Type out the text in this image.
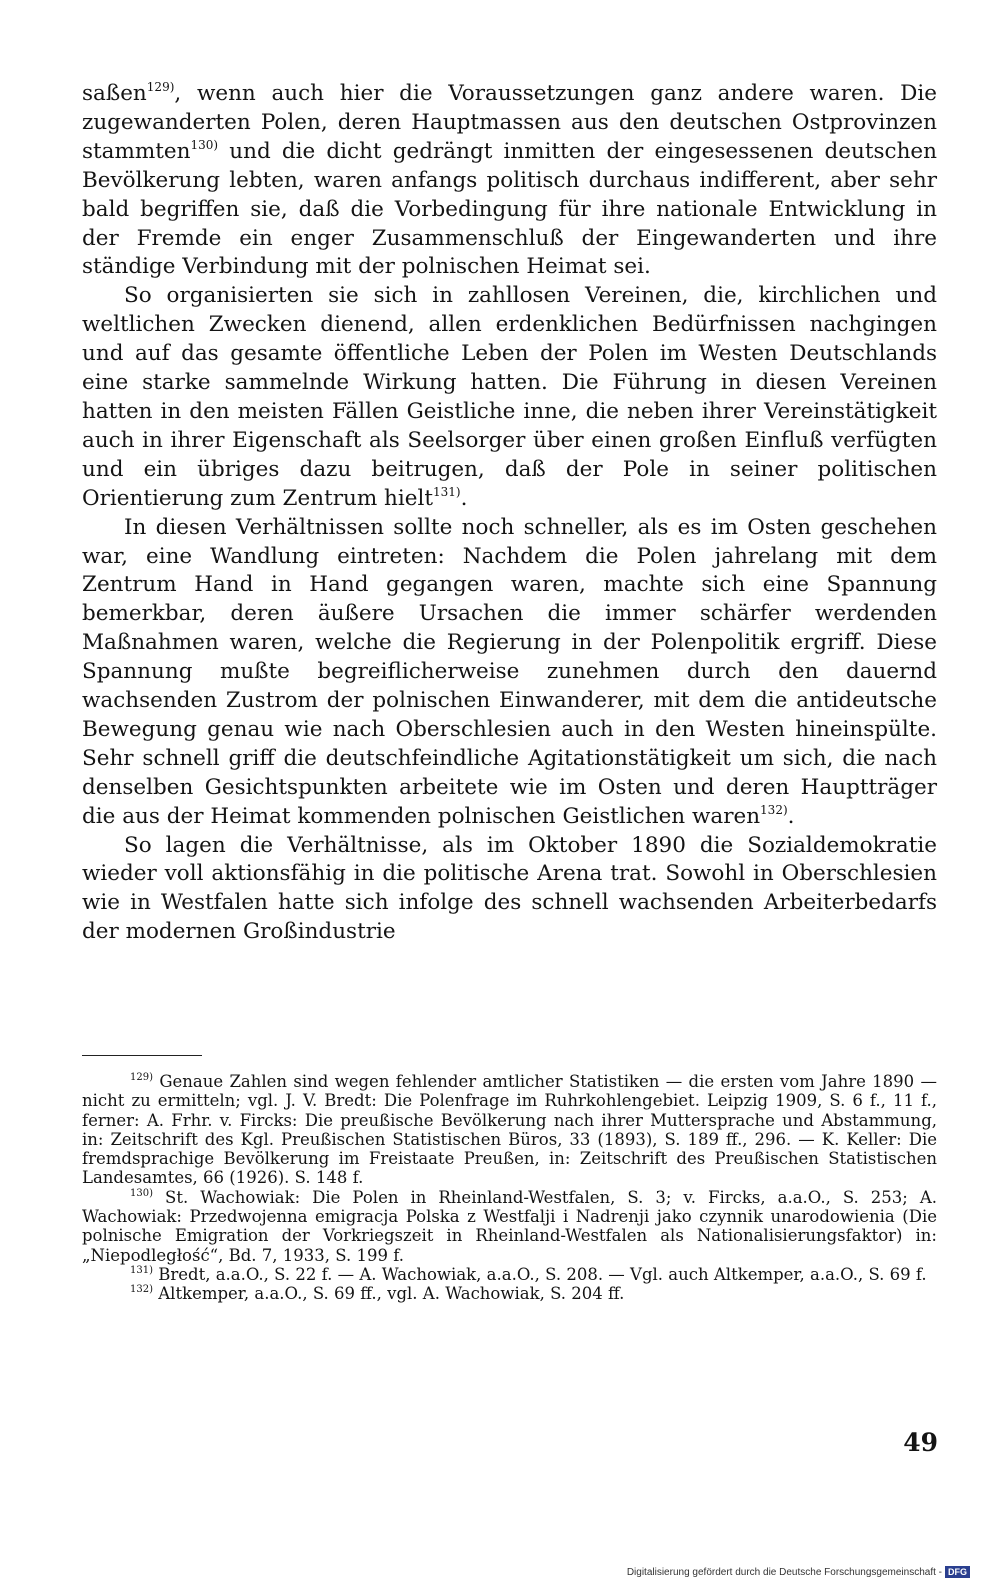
saßen$^{129)}$, wenn auch hier die Voraussetzungen ganz andere waren. Die zugewanderten Polen, deren Hauptmassen aus den deutschen Ostprovinzen stammten$^{130)}$ und die dicht gedrängt inmitten der eingesessenen deutschen Bevölkerung lebten, waren anfangs politisch durchaus indifferent, aber sehr bald begriffen sie, daß die Vorbedingung für ihre nationale Entwicklung in der Fremde ein enger Zusammenschluß der Eingewanderten und ihre ständige Verbindung mit der polnischen Heimat sei.

So organisierten sie sich in zahllosen Vereinen, die, kirchlichen und weltlichen Zwecken dienend, allen erdenklichen Bedürfnissen nachgingen und auf das gesamte öffentliche Leben der Polen im Westen Deutschlands eine starke sammelnde Wirkung hatten. Die Führung in diesen Vereinen hatten in den meisten Fällen Geistliche inne, die neben ihrer Vereinstätigkeit auch in ihrer Eigenschaft als Seelsorger über einen großen Einfluß verfügten und ein übriges dazu beitrugen, daß der Pole in seiner politischen Orientierung zum Zentrum hielt$^{131)}$.

In diesen Verhältnissen sollte noch schneller, als es im Osten geschehen war, eine Wandlung eintreten: Nachdem die Polen jahrelang mit dem Zentrum Hand in Hand gegangen waren, machte sich eine Spannung bemerkbar, deren äußere Ursachen die immer schärfer werdenden Maßnahmen waren, welche die Regierung in der Polenpolitik ergriff. Diese Spannung mußte begreiflicherweise zunehmen durch den dauernd wachsenden Zustrom der polnischen Einwanderer, mit dem die antideutsche Bewegung genau wie nach Oberschlesien auch in den Westen hineinspülte. Sehr schnell griff die deutschfeindliche Agitationstätigkeit um sich, die nach denselben Gesichtspunkten arbeitete wie im Osten und deren Hauptträger die aus der Heimat kommenden polnischen Geistlichen waren$^{132)}$.

So lagen die Verhältnisse, als im Oktober 1890 die Sozialdemokratie wieder voll aktionsfähig in die politische Arena trat. Sowohl in Oberschlesien wie in Westfalen hatte sich infolge des schnell wachsenden Arbeiterbedarfs der modernen Großindustrie

$^{129)}$ Genaue Zahlen sind wegen fehlender amtlicher Statistiken — die ersten vom Jahre 1890 — nicht zu ermitteln; vgl. J. V. Bredt: Die Polenfrage im Ruhrkohlengebiet. Leipzig 1909, S. 6 f., 11 f., ferner: A. Frhr. v. Fircks: Die preußische Bevölkerung nach ihrer Muttersprache und Abstammung, in: Zeitschrift des Kgl. Preußischen Statistischen Büros, 33 (1893), S. 189 ff., 296. — K. Keller: Die fremdsprachige Bevölkerung im Freistaate Preußen, in: Zeitschrift des Preußischen Statistischen Landesamtes, 66 (1926). S. 148 f.

$^{130)}$ St. Wachowiak: Die Polen in Rheinland-Westfalen, S. 3; v. Fircks, a.a.O., S. 253; A. Wachowiak: Przedwojenna emigracja Polska z Westfalji i Nadrenji jako czynnik unarodowienia (Die polnische Emigration der Vorkriegszeit in Rheinland-Westfalen als Nationalisierungsfaktor) in: „Niepodległość“, Bd. 7, 1933, S. 199 f.

$^{131)}$ Bredt, a.a.O., S. 22 f. — A. Wachowiak, a.a.O., S. 208. — Vgl. auch Altkemper, a.a.O., S. 69 f.

$^{132)}$ Altkemper, a.a.O., S. 69 ff., vgl. A. Wachowiak, S. 204 ff.

49
Digitalisierung gefördert durch die Deutsche Forschungsgemeinschaft - DFG
